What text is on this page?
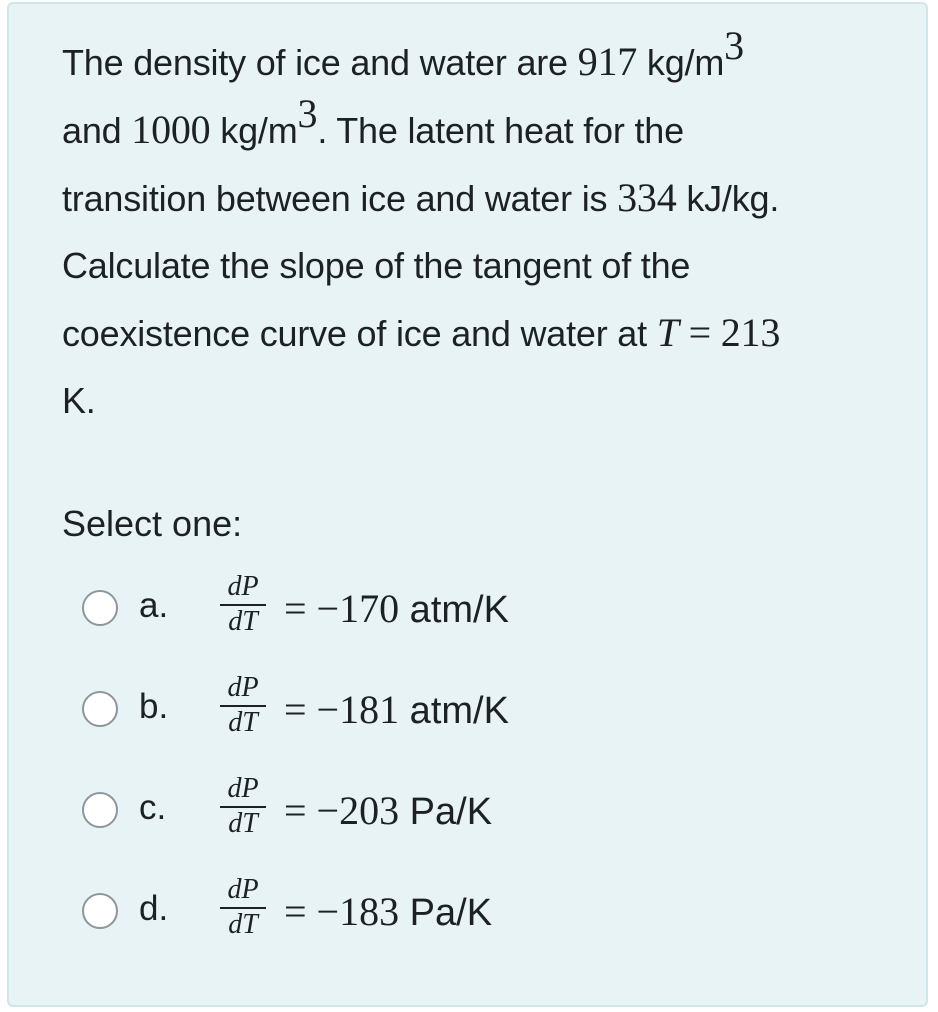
The density of ice and water are 917 $kg/m^3$
and 1000 $kg/m^3$. The latent heat for the
transition between ice and water is 334 kJ/kg.
Calculate the slope of the tangent of the
coexistence curve of ice and water at T = 213
K.
Select one:
a. dP
dT = −170 atm/K
b. dP
dT = −181 atm/K
c. dP
dT = −203 Pa/K
d. dP
dT = −183 Pa/K
